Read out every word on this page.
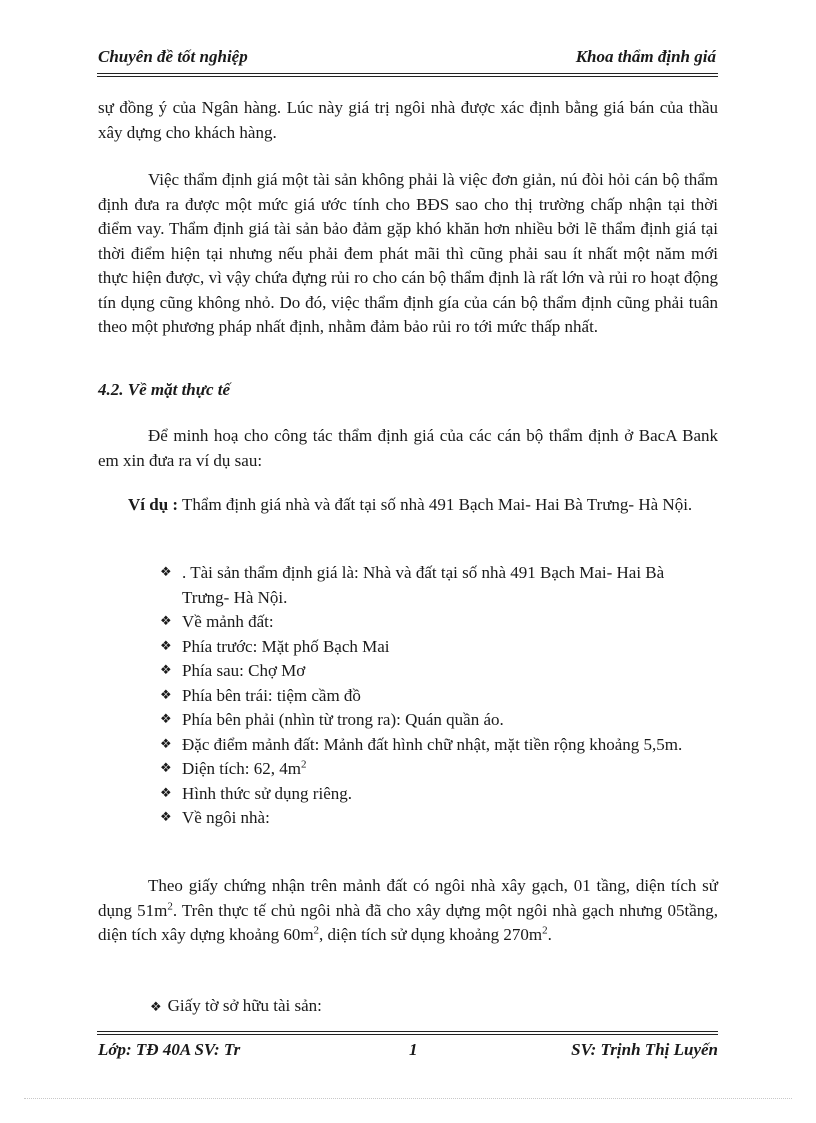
Chuyên đề tốt nghiệp	Khoa thẩm định giá

sự đồng ý của Ngân hàng. Lúc này giá trị ngôi nhà được xác định bằng giá bán của thầu xây dựng cho khách hàng.

Việc thẩm định giá một tài sản không phải là việc đơn giản, nú đòi hỏi cán bộ thẩm định đưa ra được một mức giá ước tính cho BĐS sao cho thị trường chấp nhận tại thời điểm vay. Thẩm định giá tài sản bảo đảm gặp khó khăn hơn nhiều bởi lẽ thẩm định giá tại thời điểm hiện tại nhưng nếu phải đem phát mãi thì cũng phải sau ít nhất một năm mới thực hiện được, vì vậy chứa đựng rủi ro cho cán bộ thẩm định là rất lớn và rủi ro hoạt động tín dụng cũng không nhỏ. Do đó, việc thẩm định gía của cán bộ thẩm định cũng phải tuân theo một phương pháp nhất định, nhằm đảm bảo rủi ro tới mức thấp nhất.

4.2. Về mặt thực tế

Để minh hoạ cho công tác thẩm định giá của các cán bộ thẩm định ở BacA Bank em xin đưa ra ví dụ sau:

Ví dụ : Thẩm định giá nhà và đất tại số nhà 491 Bạch Mai- Hai Bà Trưng- Hà Nội.

❖ . Tài sản thẩm định giá là: Nhà và đất tại số nhà 491 Bạch Mai- Hai Bà Trưng- Hà Nội.
❖ Về mảnh đất:
❖ Phía trước: Mặt phố Bạch Mai
❖ Phía sau: Chợ Mơ
❖ Phía bên trái: tiệm cầm đồ
❖ Phía bên phải (nhìn từ trong ra): Quán quần áo.
❖ Đặc điểm mảnh đất: Mảnh đất hình chữ nhật, mặt tiền rộng khoảng 5,5m.
❖ Diện tích: 62, $4m^2$
❖ Hình thức sử dụng riêng.
❖ Về ngôi nhà:

Theo giấy chứng nhận trên mảnh đất có ngôi nhà xây gạch, 01 tầng, diện tích sử dụng $51m^2$. Trên thực tế chủ ngôi nhà đã cho xây dựng một ngôi nhà gạch nhưng 05tầng, diện tích xây dựng khoảng $60m^2$, diện tích sử dụng khoảng $270m^2$.

❖ Giấy tờ sở hữu tài sản:
Lớp: TĐ 40A SV: Tr	1	SV: Trịnh Thị Luyến
